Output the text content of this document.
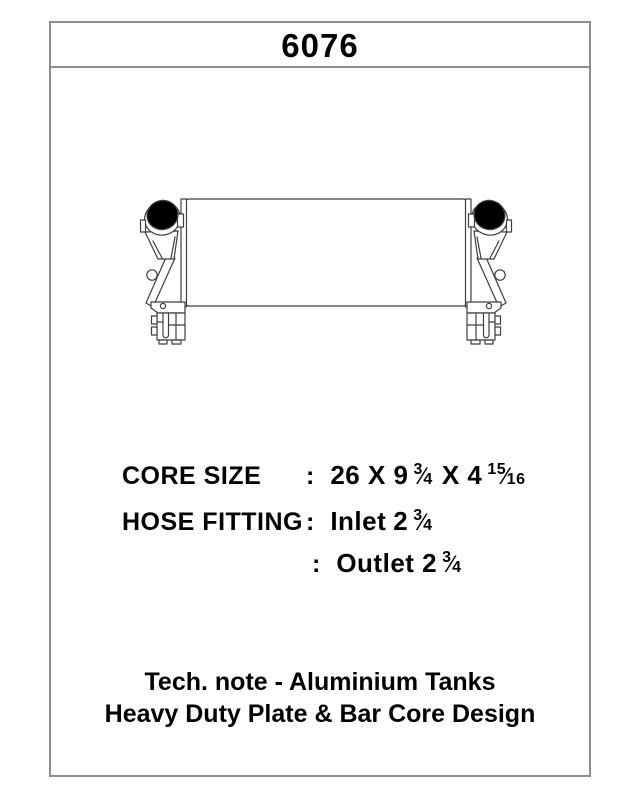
6076
CORE SIZE : 26 X 9 $^3$⁄4 X 4 $^{15}$⁄16
HOSE FITTING : Inlet 2 $^3$⁄4
: Outlet 2 $^3$⁄4
Tech. note - Aluminium Tanks
Heavy Duty Plate & Bar Core Design
